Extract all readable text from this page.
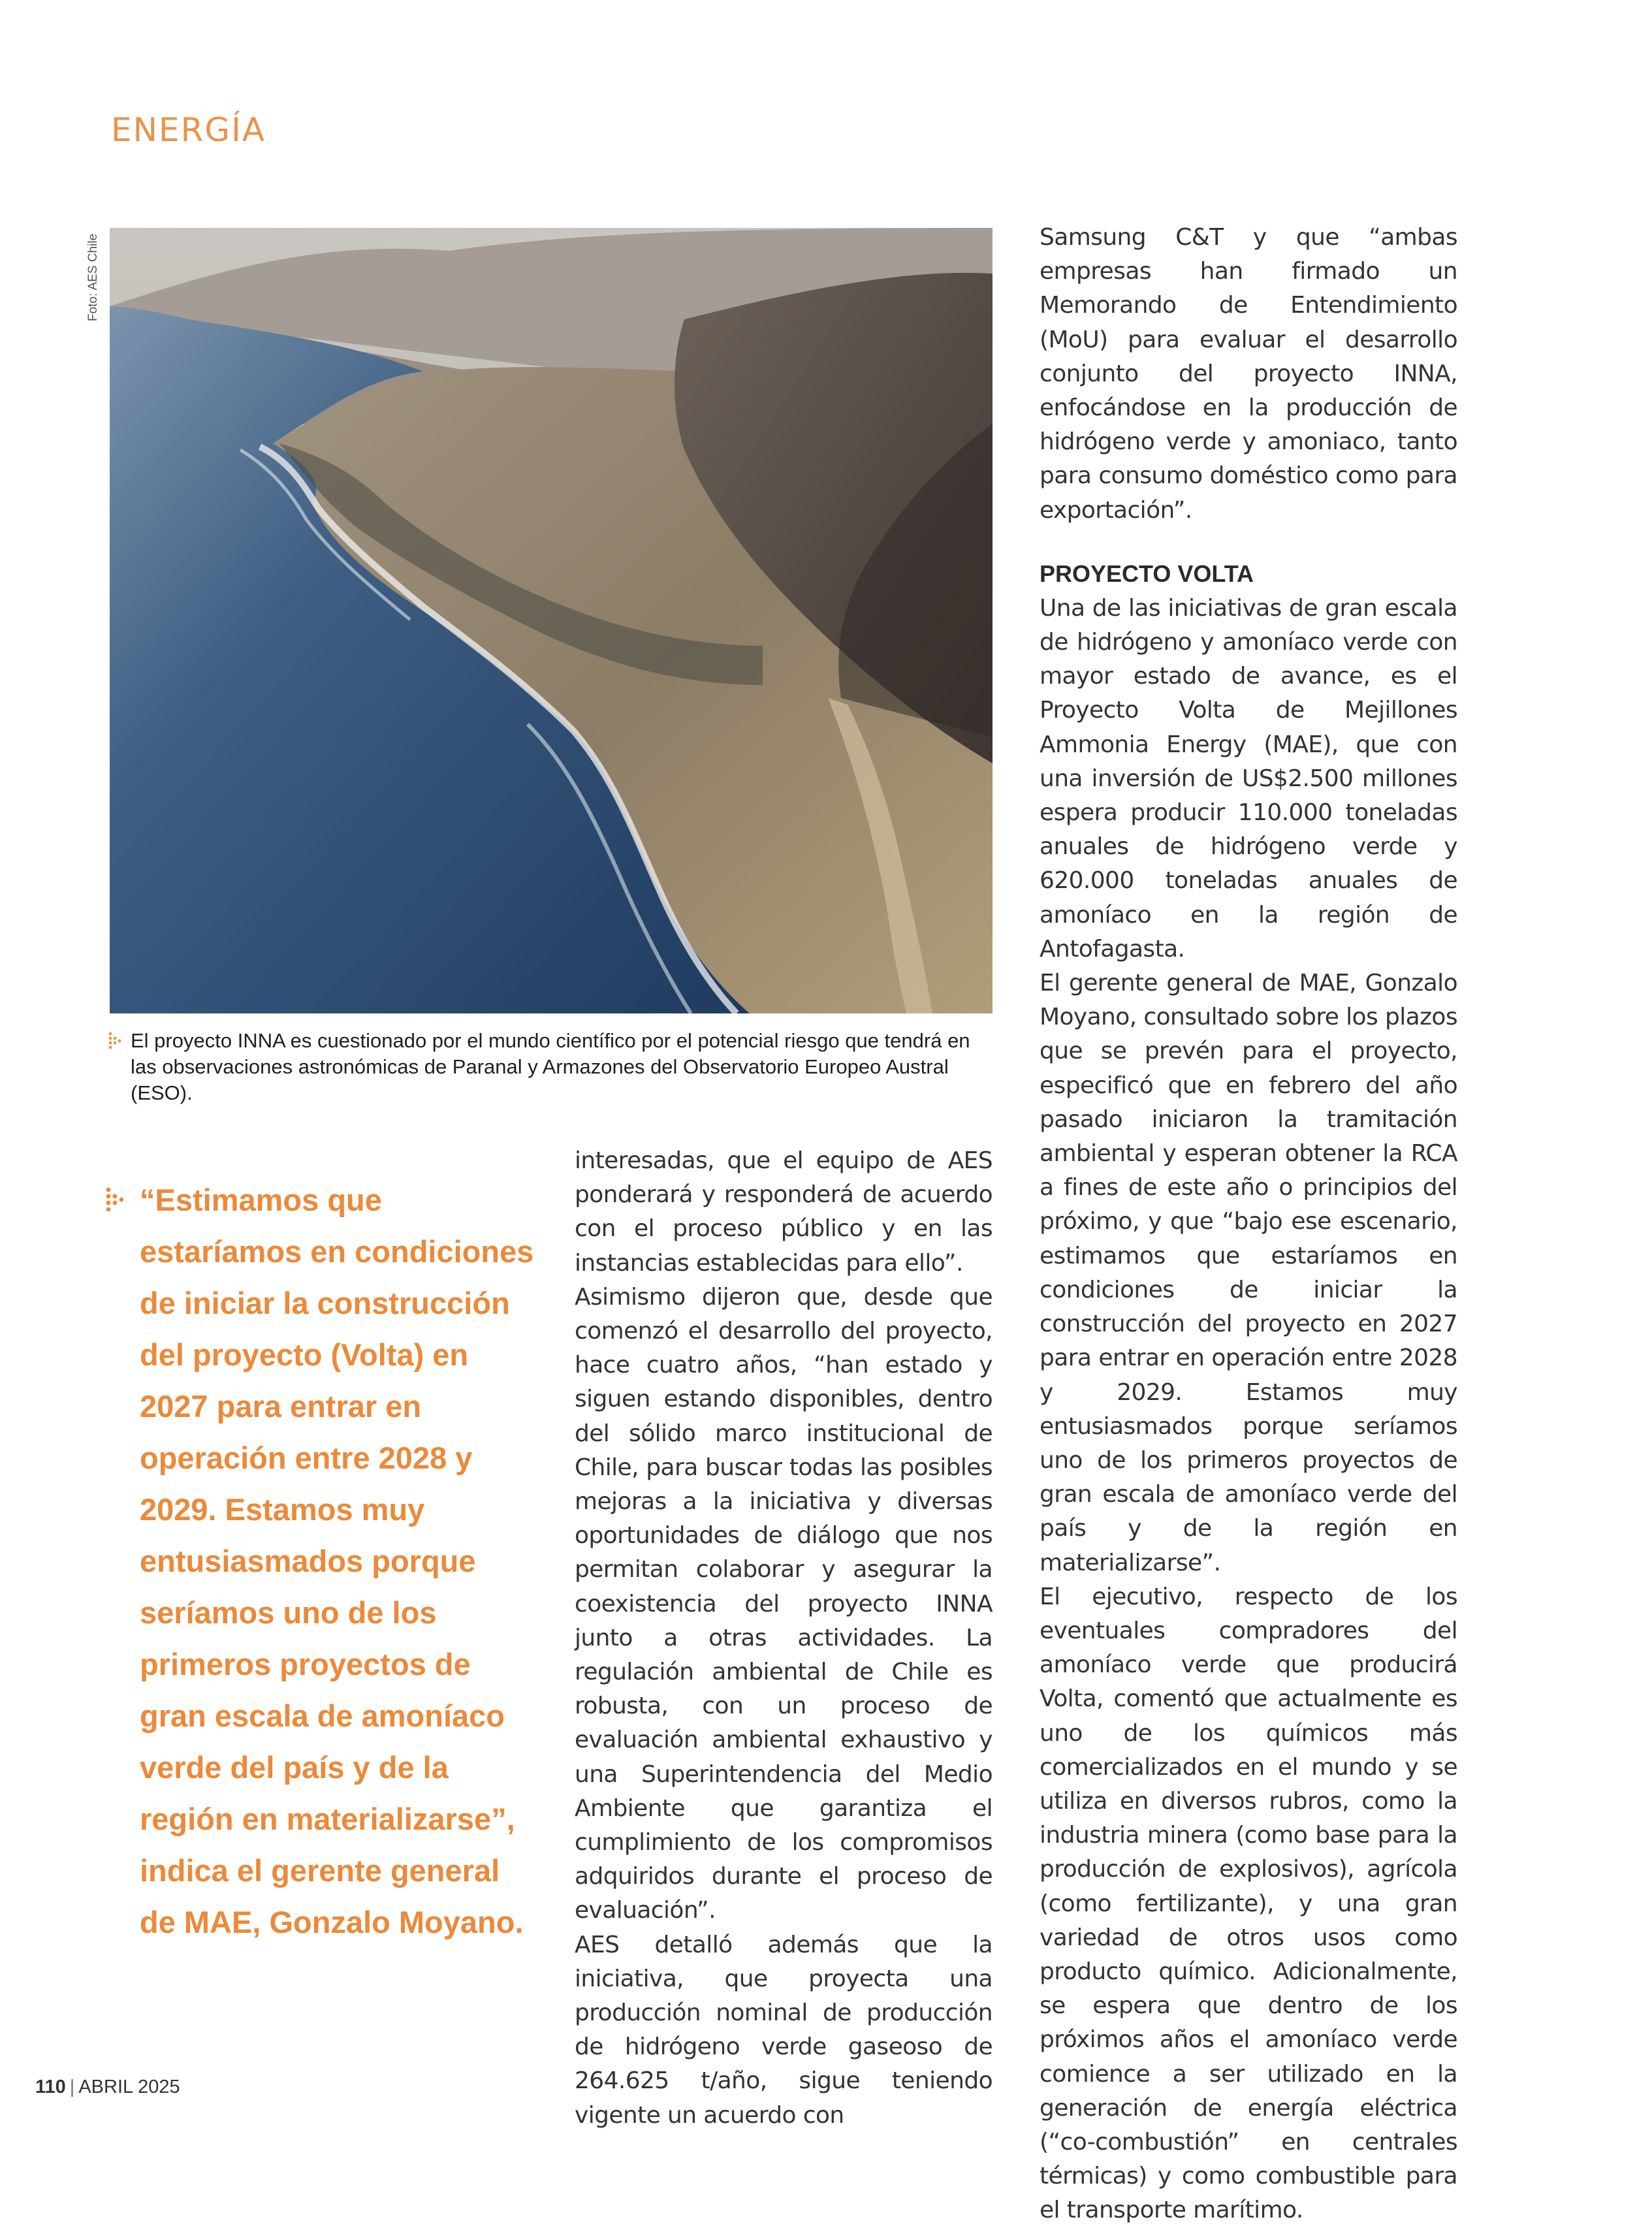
ENERGÍA
Foto: AES Chile

El proyecto INNA es cuestionado por el mundo científico por el potencial riesgo que tendrá en las observaciones astronómicas de Paranal y Armazones del Observatorio Europeo Austral (ESO).

“Estimamos que estaríamos en condiciones de iniciar la construcción del proyecto (Volta) en 2027 para entrar en operación entre 2028 y 2029. Estamos muy entusiasmados porque seríamos uno de los primeros proyectos de gran escala de amoníaco verde del país y de la región en materializarse”, indica el gerente general de MAE, Gonzalo Moyano.

interesadas, que el equipo de AES ponderará y responderá de acuerdo con el proceso público y en las instancias establecidas para ello”.

Asimismo dijeron que, desde que comenzó el desarrollo del proyecto, hace cuatro años, “han estado y siguen estando disponibles, dentro del sólido marco institucional de Chile, para buscar todas las posibles mejoras a la iniciativa y diversas oportunidades de diálogo que nos permitan colaborar y asegurar la coexistencia del proyecto INNA junto a otras actividades. La regulación ambiental de Chile es robusta, con un proceso de evaluación ambiental exhaustivo y una Superintendencia del Medio Ambiente que garantiza el cumplimiento de los compromisos adquiridos durante el proceso de evaluación”.

AES detalló además que la iniciativa, que proyecta una producción nominal de producción de hidrógeno verde gaseoso de 264.625 t/año, sigue teniendo vigente un acuerdo con

Samsung C&T y que “ambas empresas han firmado un Memorando de Entendimiento (MoU) para evaluar el desarrollo conjunto del proyecto INNA, enfocándose en la producción de hidrógeno verde y amoniaco, tanto para consumo doméstico como para exportación”.

PROYECTO VOLTA

Una de las iniciativas de gran escala de hidrógeno y amoníaco verde con mayor estado de avance, es el Proyecto Volta de Mejillones Ammonia Energy (MAE), que con una inversión de US$2.500 millones espera producir 110.000 toneladas anuales de hidrógeno verde y 620.000 toneladas anuales de amoníaco en la región de Antofagasta.

El gerente general de MAE, Gonzalo Moyano, consultado sobre los plazos que se prevén para el proyecto, especificó que en febrero del año pasado iniciaron la tramitación ambiental y esperan obtener la RCA a fines de este año o principios del próximo, y que “bajo ese escenario, estimamos que estaríamos en condiciones de iniciar la construcción del proyecto en 2027 para entrar en operación entre 2028 y 2029. Estamos muy entusiasmados porque seríamos uno de los primeros proyectos de gran escala de amoníaco verde del país y de la región en materializarse”.

El ejecutivo, respecto de los eventuales compradores del amoníaco verde que producirá Volta, comentó que actualmente es uno de los químicos más comercializados en el mundo y se utiliza en diversos rubros, como la industria minera (como base para la producción de explosivos), agrícola (como fertilizante), y una gran variedad de otros usos como producto químico. Adicionalmente, se espera que dentro de los próximos años el amoníaco verde comience a ser utilizado en la generación de energía eléctrica (“co-combustión” en centrales térmicas) y como combustible para el transporte marítimo.

110 | ABRIL 2025
